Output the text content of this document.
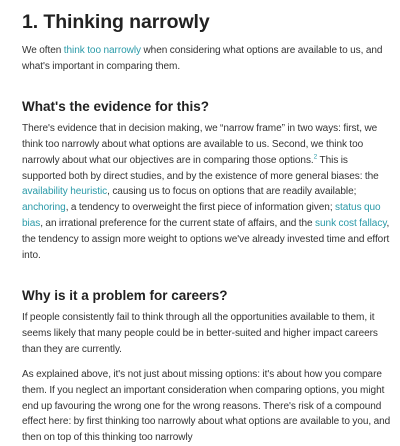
1. Thinking narrowly

We often think too narrowly when considering what options are available to us, and what's important in comparing them.

What's the evidence for this?

There's evidence that in decision making, we “narrow frame” in two ways: first, we think too narrowly about what options are available to us. Second, we think too narrowly about what our objectives are in comparing those options.$^2$ This is supported both by direct studies, and by the existence of more general biases: the availability heuristic, causing us to focus on options that are readily available; anchoring, a tendency to overweight the first piece of information given; status quo bias, an irrational preference for the current state of affairs, and the sunk cost fallacy, the tendency to assign more weight to options we've already invested time and effort into.

Why is it a problem for careers?

If people consistently fail to think through all the opportunities available to them, it seems likely that many people could be in better-suited and higher impact careers than they are currently.

As explained above, it's not just about missing options: it's about how you compare them. If you neglect an important consideration when comparing options, you might end up favouring the wrong one for the wrong reasons. There's risk of a compound effect here: by first thinking too narrowly about what options are available to you, and then on top of this thinking too narrowly
